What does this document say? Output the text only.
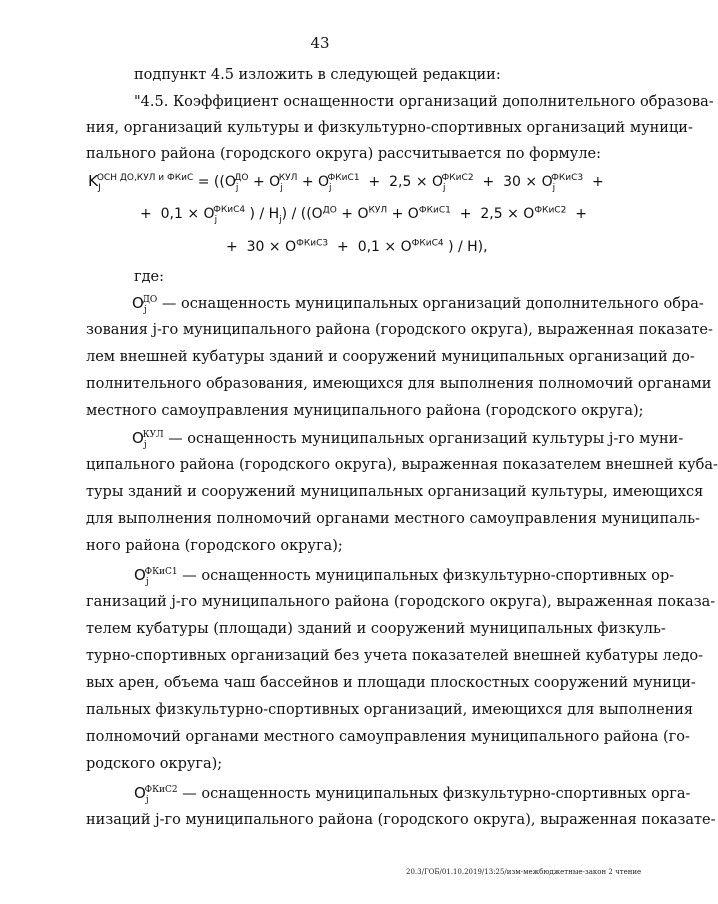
43
подпункт 4.5 изложить в следующей редакции:
"4.5. Коэффициент оснащенности организаций дополнительного образова-
ния, организаций культуры и физкультурно-спортивных организаций муници-
пального района (городского округа) рассчитывается по формуле:
$K_J^{ОСН ДО,КУЛ и ФКиС} = ((O_j^{ДО} + O_j^{КУЛ} + O_j^{ФКиС1} + 2,5 \times O_j^{ФКиС2} + 30 \times O_j^{ФКиС3}$ +
+ $0,1 \times O_j^{ФКиС4}$ ) / $H_j) / ((O^{ДО} + O^{КУЛ} + O^{ФКиС1} + 2,5 \times O^{ФКиС2}$ +
+ $30 \times O^{ФКиС3} + 0,1 \times O^{ФКиС4}$ ) / H),
где:
$O_j^{ДО}$ — оснащенность муниципальных организаций дополнительного обра-
зования j-го муниципального района (городского округа), выраженная показате-
лем внешней кубатуры зданий и сооружений муниципальных организаций до-
полнительного образования, имеющихся для выполнения полномочий органами
местного самоуправления муниципального района (городского округа);
$O_j^{КУЛ}$ — оснащенность муниципальных организаций культуры j-го муни-
ципального района (городского округа), выраженная показателем внешней куба-
туры зданий и сооружений муниципальных организаций культуры, имеющихся
для выполнения полномочий органами местного самоуправления муниципаль-
ного района (городского округа);
$O_j^{ФКиС1}$ — оснащенность муниципальных физкультурно-спортивных ор-
ганизаций j-го муниципального района (городского округа), выраженная показа-
телем кубатуры (площади) зданий и сооружений муниципальных физкуль-
турно-спортивных организаций без учета показателей внешней кубатуры ледо-
вых арен, объема чаш бассейнов и площади плоскостных сооружений муници-
пальных физкультурно-спортивных организаций, имеющихся для выполнения
полномочий органами местного самоуправления муниципального района (го-
родского округа);
$O_j^{ФКиС2}$ — оснащенность муниципальных физкультурно-спортивных орга-
низаций j-го муниципального района (городского округа), выраженная показате-
20.3/ГОБ/01.10.2019/13:25/изм-межбюджетные-закон 2 чтение
